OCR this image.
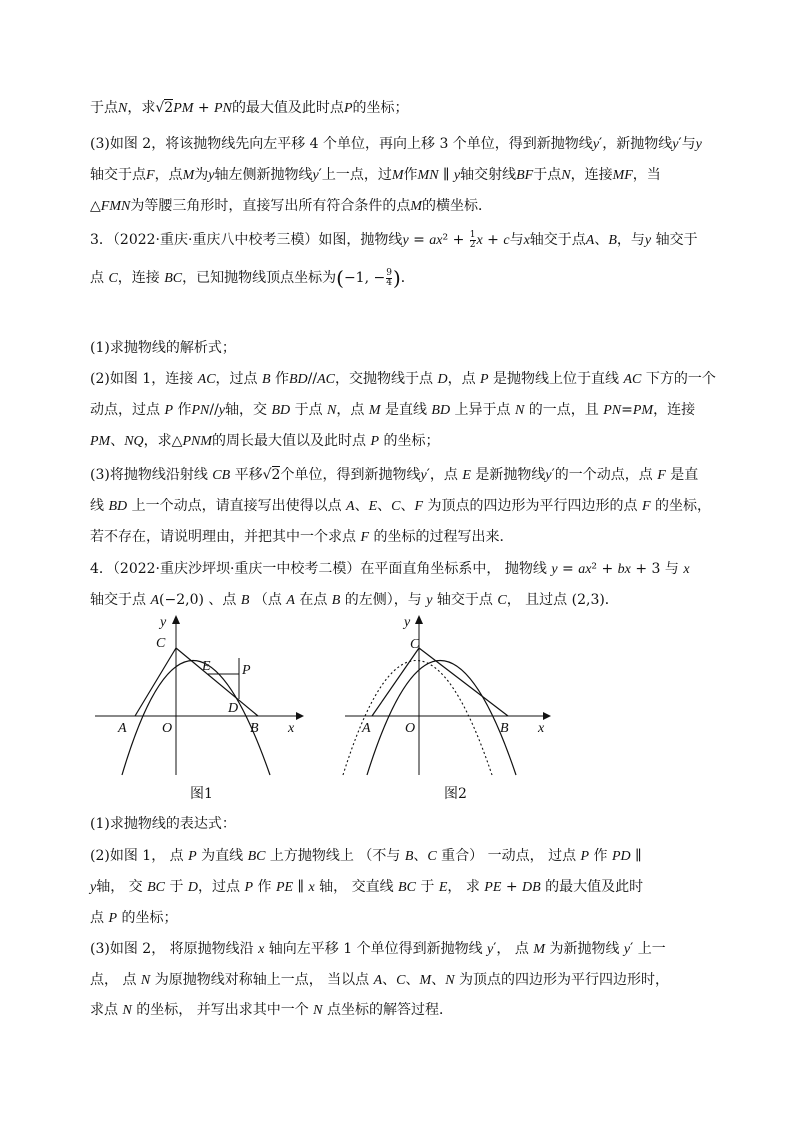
于点N，求√2PM + PN的最大值及此时点P的坐标；
(3)如图 2，将该抛物线先向左平移 4 个单位，再向上移 3 个单位，得到新抛物线y′，新抛物线y′与y
轴交于点F，点M为y轴左侧新抛物线y′上一点，过M作MN ∥ y轴交射线BF于点N，连接MF，当
△FMN为等腰三角形时，直接写出所有符合条件的点M的横坐标．
3．（2022·重庆·重庆八中校考三模）如图，抛物线$y = ax^2 + \frac{1}{2}$ x + c与x轴交于点A、B，与y 轴交于
点 C，连接 BC，已知抛物线顶点坐标为(−1, − $\frac{9}{4}$ )．
(1)求抛物线的解析式；
(2)如图 1，连接 AC，过点 B 作BD//AC，交抛物线于点 D，点 P 是抛物线上位于直线 AC 下方的一个
动点，过点 P 作PN//y轴，交 BD 于点 N，点 M 是直线 BD 上异于点 N 的一点，且 PN=PM，连接
PM、NQ，求△PNM的周长最大值以及此时点 P 的坐标；
(3)将抛物线沿射线 CB 平移√2个单位，得到新抛物线y′，点 E 是新抛物线y′的一个动点，点 F 是直
线 BD 上一个动点，请直接写出使得以点 A、E、C、F 为顶点的四边形为平行四边形的点 F 的坐标，
若不存在，请说明理由，并把其中一个求点 F 的坐标的过程写出来．
4．（2022·重庆沙坪坝·重庆一中校考二模）在平面直角坐标系中， 抛物线 y = ax² + bx + 3 与 x
轴交于点 A(−2,0) 、点 B （点 A 在点 B 的左侧），与 y 轴交于点 C， 且过点 (2,3)．
y
C
E P
D
A	O	B x
图1
y
C
A O	B x
图2
(1)求抛物线的表达式：
(2)如图 1， 点 P 为直线 BC 上方抛物线上 （不与 B、C 重合） 一动点， 过点 P 作 PD ∥
y轴， 交 BC 于 D，过点 P 作 PE ∥ x 轴， 交直线 BC 于 E， 求 PE + DB 的最大值及此时
点 P 的坐标；
(3)如图 2， 将原抛物线沿 x 轴向左平移 1 个单位得到新抛物线 y′， 点 M 为新抛物线 y′ 上一
点， 点 N 为原抛物线对称轴上一点， 当以点 A、C、M、N 为顶点的四边形为平行四边形时，
求点 N 的坐标， 并写出求其中一个 N 点坐标的解答过程．
